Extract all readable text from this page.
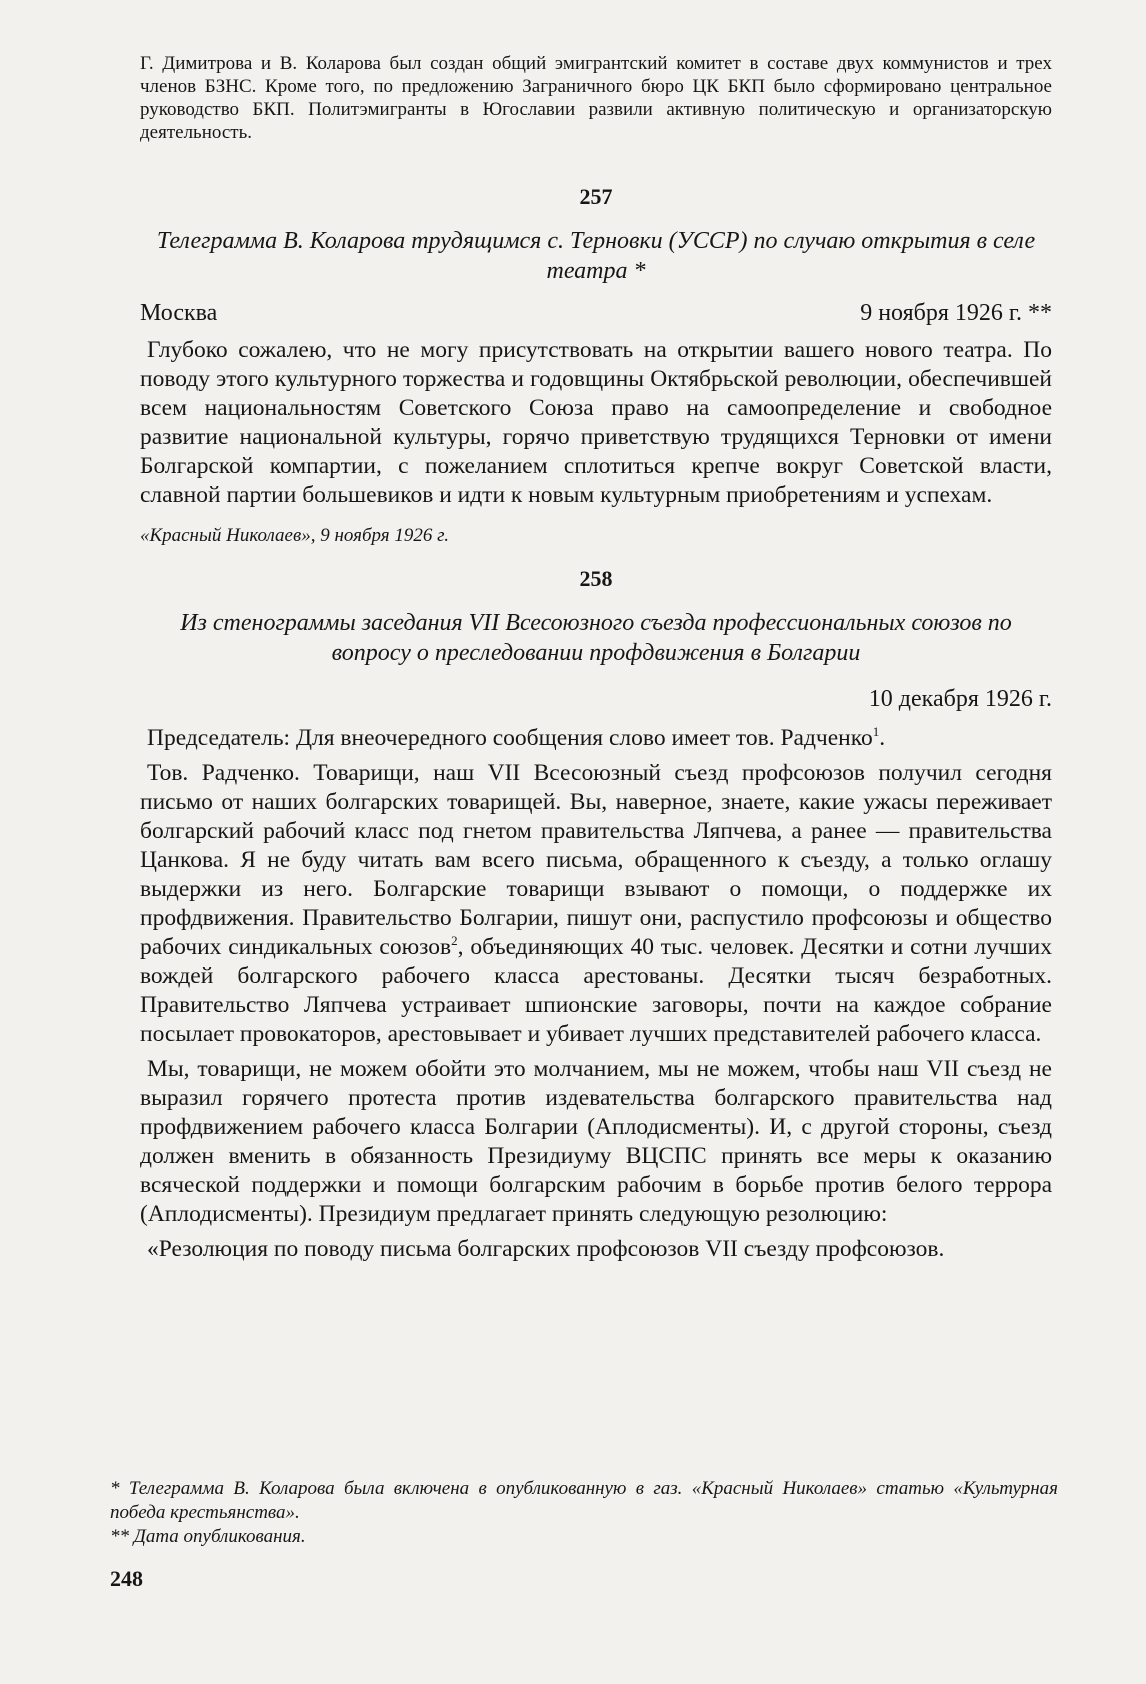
Г. Димитрова и В. Коларова был создан общий эмигрантский комитет в составе двух коммунистов и трех членов БЗНС. Кроме того, по предложению Заграничного бюро ЦК БКП было сформировано центральное руководство БКП. Политэмигранты в Югославии развили активную политическую и организаторскую деятельность.

257
Телеграмма В. Коларова трудящимся с. Терновки (УССР) по случаю открытия в селе театра *
Москва	9 ноября 1926 г. **

Глубоко сожалею, что не могу присутствовать на открытии вашего нового театра. По поводу этого культурного торжества и годовщины Октябрьской революции, обеспечившей всем национальностям Советского Союза право на самоопределение и свободное развитие национальной культуры, горячо приветствую трудящихся Терновки от имени Болгарской компартии, с пожеланием сплотиться крепче вокруг Советской власти, славной партии большевиков и идти к новым культурным приобретениям и успехам.

«Красный Николаев», 9 ноября 1926 г.

258
Из стенограммы заседания VII Всесоюзного съезда профессиональных союзов по вопросу о преследовании профдвижения в Болгарии
10 декабря 1926 г.

Председатель: Для внеочередного сообщения слово имеет тов. Радченко$^1$.

Тов. Радченко. Товарищи, наш VII Всесоюзный съезд профсоюзов получил сегодня письмо от наших болгарских товарищей. Вы, наверное, знаете, какие ужасы переживает болгарский рабочий класс под гнетом правительства Ляпчева, а ранее — правительства Цанкова. Я не буду читать вам всего письма, обращенного к съезду, а только оглашу выдержки из него. Болгарские товарищи взывают о помощи, о поддержке их профдвижения. Правительство Болгарии, пишут они, распустило профсоюзы и общество рабочих синдикальных союзов$^2$, объединяющих 40 тыс. человек. Десятки и сотни лучших вождей болгарского рабочего класса арестованы. Десятки тысяч безработных. Правительство Ляпчева устраивает шпионские заговоры, почти на каждое собрание посылает провокаторов, арестовывает и убивает лучших представителей рабочего класса.

Мы, товарищи, не можем обойти это молчанием, мы не можем, чтобы наш VII съезд не выразил горячего протеста против издевательства болгарского правительства над профдвижением рабочего класса Болгарии (Аплодисменты). И, с другой стороны, съезд должен вменить в обязанность Президиуму ВЦСПС принять все меры к оказанию всяческой поддержки и помощи болгарским рабочим в борьбе против белого террора (Аплодисменты). Президиум предлагает принять следующую резолюцию:

«Резолюция по поводу письма болгарских профсоюзов VII съезду профсоюзов.

* Телеграмма В. Коларова была включена в опубликованную в газ. «Красный Николаев» статью «Культурная победа крестьянства».

** Дата опубликования.

248
